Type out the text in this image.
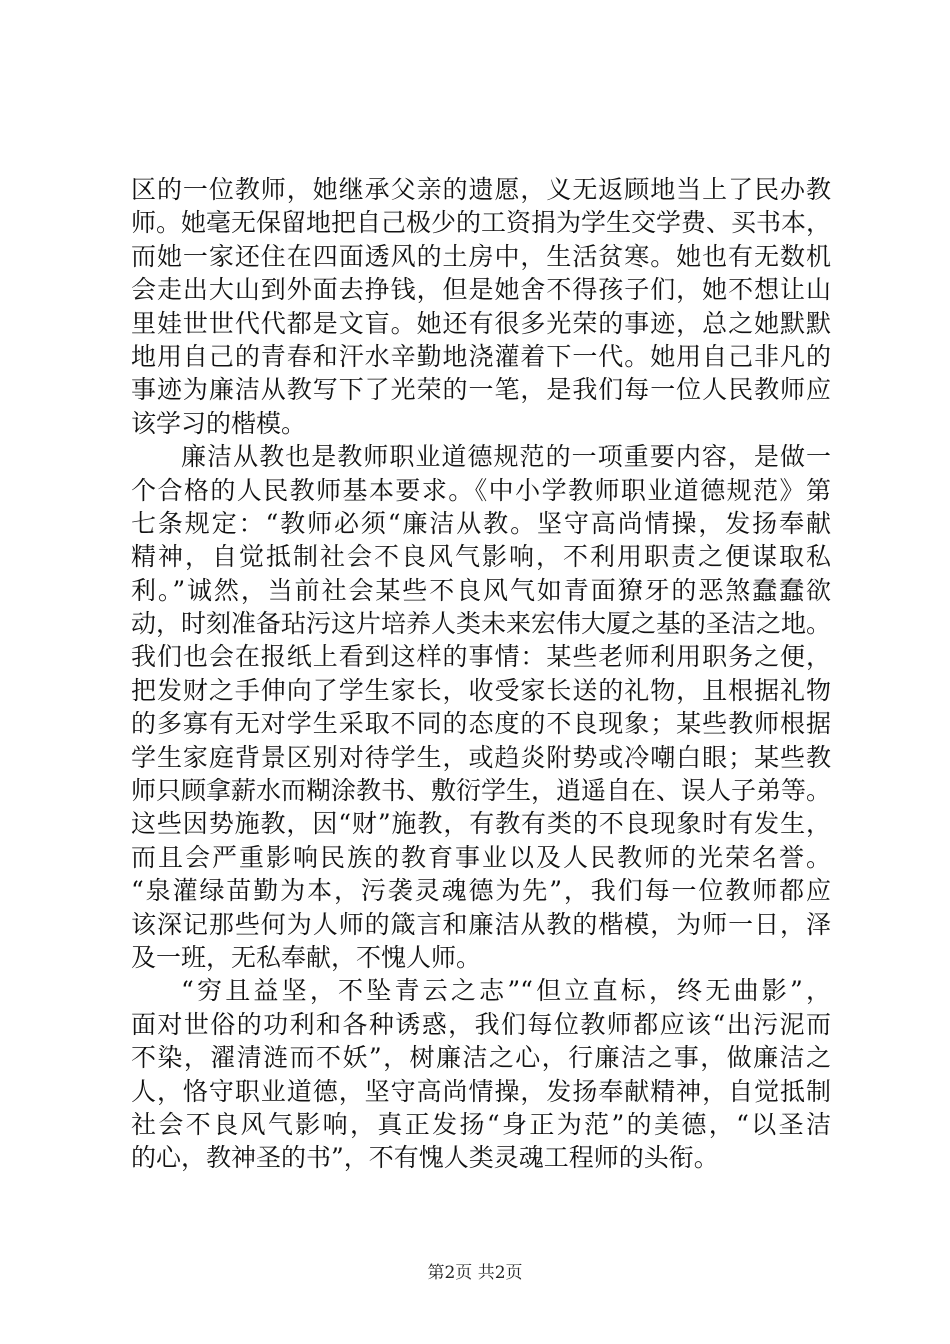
区的一位教师，她继承父亲的遗愿，义无返顾地当上了民办教
师。她毫无保留地把自己极少的工资捐为学生交学费、买书本，
而她一家还住在四面透风的土房中，生活贫寒。她也有无数机
会走出大山到外面去挣钱，但是她舍不得孩子们，她不想让山
里娃世世代代都是文盲。她还有很多光荣的事迹，总之她默默
地用自己的青春和汗水辛勤地浇灌着下一代。她用自己非凡的
事迹为廉洁从教写下了光荣的一笔，是我们每一位人民教师应
该学习的楷模。
廉洁从教也是教师职业道德规范的一项重要内容，是做一
个合格的人民教师基本要求。《中小学教师职业道德规范》第
七条规定：“教师必须“廉洁从教。坚守高尚情操，发扬奉献
精神，自觉抵制社会不良风气影响，不利用职责之便谋取私
利。”诚然，当前社会某些不良风气如青面獠牙的恶煞蠢蠢欲
动，时刻准备玷污这片培养人类未来宏伟大厦之基的圣洁之地。
我们也会在报纸上看到这样的事情：某些老师利用职务之便，
把发财之手伸向了学生家长，收受家长送的礼物，且根据礼物
的多寡有无对学生采取不同的态度的不良现象；某些教师根据
学生家庭背景区别对待学生，或趋炎附势或冷嘲白眼；某些教
师只顾拿薪水而糊涂教书、敷衍学生，逍遥自在、误人子弟等。
这些因势施教，因“财”施教，有教有类的不良现象时有发生，
而且会严重影响民族的教育事业以及人民教师的光荣名誉。
“泉灌绿苗勤为本，污袭灵魂德为先”，我们每一位教师都应
该深记那些何为人师的箴言和廉洁从教的楷模，为师一日，泽
及一班，无私奉献，不愧人师。
“穷且益坚，不坠青云之志”“但立直标，终无曲影”，
面对世俗的功利和各种诱惑，我们每位教师都应该“出污泥而
不染，濯清涟而不妖”，树廉洁之心，行廉洁之事，做廉洁之
人，恪守职业道德，坚守高尚情操，发扬奉献精神，自觉抵制
社会不良风气影响，真正发扬“身正为范”的美德，“以圣洁
的心，教神圣的书”，不有愧人类灵魂工程师的头衔。
第2页 共2页
